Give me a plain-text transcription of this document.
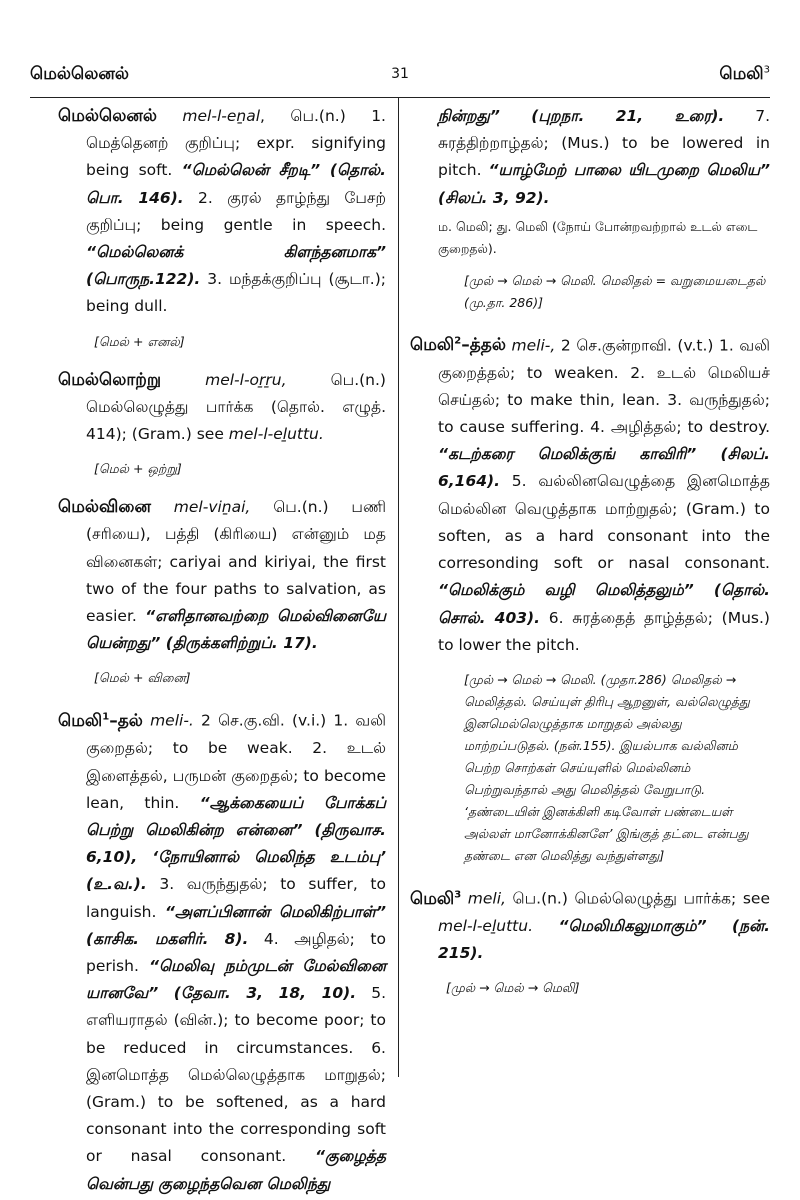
மெல்லெனல்	31	மெலி$^3$

மெல்லெனல் mel-l-eṉal, பெ.(n.) 1. மெத்தெனற் குறிப்பு; expr. signifying being soft. “மெல்லென் சீறடி” (தொல். பொ. 146). 2. குரல் தாழ்ந்து பேசற் குறிப்பு; being gentle in speech. “மெல்லெனக் கிளந்தனமாக” (பொருந.122). 3. மந்தக்குறிப்பு (சூடா.); being dull.

[மெல் + எனல்]

மெல்லொற்று	mel-l-oṟṟu, பெ.(n.) மெல்லெழுத்து பார்க்க (தொல். எழுத். 414); (Gram.) see mel-l-eḻuttu.

[மெல் + ஒற்று]

மெல்வினை mel-viṉai, பெ.(n.) பணி (சரியை), பத்தி (கிரியை) என்னும் மத வினைகள்; cariyai and kiriyai, the first two of the four paths to salvation, as easier. “எளிதானவற்றை மெல்வினையே யென்றது” (திருக்களிற்றுப். 17).

[மெல் + வினை]

மெலி$^1$–தல் meli-. 2 செ.கு.வி. (v.i.) 1. வலி குறைதல்; to be weak. 2. உடல் இளைத்தல், பருமன் குறைதல்; to become lean, thin. “ஆக்கையைப் போக்கப் பெற்று மெலிகின்ற என்னை” (திருவாச. 6,10), ‘நோயினால் மெலிந்த உடம்பு’ (உ.வ.). 3. வருந்துதல்; to suffer, to languish. “அளப்பினான் மெலிகிற்பாள்” (காசிக. மகளிர். 8). 4. அழிதல்; to perish. “மெலிவு நம்முடன் மேல்வினை யானவே” (தேவா. 3, 18, 10). 5. எளியராதல் (வின்.); to become poor; to be reduced in circumstances. 6. இனமொத்த மெல்லெழுத்தாக மாறுதல்; (Gram.) to be softened, as a hard consonant into the corresponding soft or nasal consonant. “குழைத்த வென்பது குழைந்தவென மெலிந்து

நின்றது” (புறநா. 21, உரை). 7. சுரத்திற்றாழ்தல்; (Mus.) to be lowered in pitch. “யாழ்மேற் பாலை யிடமுறை மெலிய” (சிலப். 3, 92).

ம. மெலி; து. மெலி (நோய் போன்றவற்றால் உடல் எடை குறைதல்).

[முல் → மெல் → மெலி. மெலிதல் = வறுமையடைதல் (மு.தா. 286)]

மெலி$^2$–த்தல் meli-, 2 செ.குன்றாவி. (v.t.) 1. வலி குறைத்தல்; to weaken. 2. உடல் மெலியச் செய்தல்; to make thin, lean. 3. வருந்துதல்; to cause suffering. 4. அழித்தல்; to destroy. “கடற்கரை மெலிக்குங் காவிரி” (சிலப். 6,164). 5. வல்லினவெழுத்தை இனமொத்த மெல்லின வெழுத்தாக மாற்றுதல்; (Gram.) to soften, as a hard consonant into the corresonding soft or nasal consonant. “மெலிக்கும் வழி மெலித்தலும்” (தொல். சொல். 403). 6. சுரத்தைத் தாழ்த்தல்; (Mus.) to lower the pitch.

[முல் → மெல் → மெலி. (முதா.286) மெலிதல் → மெலித்தல். செய்யுள் திரிபு ஆறனுள், வல்லெழுத்து இனமெல்லெழுத்தாக மாறுதல் அல்லது மாற்றப்படுதல். (நன்.155). இயல்பாக வல்லினம் பெற்ற சொற்கள் செய்யுளில் மெல்லினம் பெற்றுவந்தால் அது மெலித்தல் வேறுபாடு. ‘தண்டையின் இனக்கிளி கடிவோள் பண்டையள் அல்லள் மானோக்கினளே’ இங்குத் தட்டை என்பது தண்டை என மெலித்து வந்துள்ளது]

மெலி$^3$ meli, பெ.(n.) மெல்லெழுத்து பார்க்க; see mel-l-eḻuttu. “மெலிமிகலுமாகும்” (நன். 215).

[முல் → மெல் → மெலி]
